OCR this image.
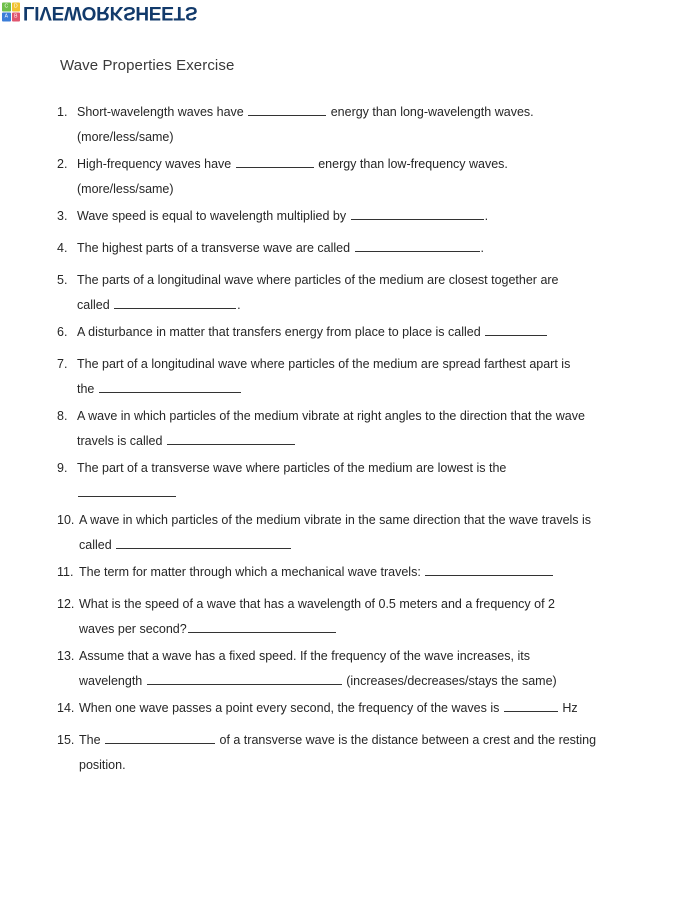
A	B
C	D LIVEWORKSHEETS
Wave Properties Exercise
1. Short-wavelength waves have	energy than long-wavelength waves.
(more/less/same)
2. High-frequency waves have	energy than low-frequency waves.
(more/less/same)
3. Wave speed is equal to wavelength multiplied by	.
4. The highest parts of a transverse wave are called	.
5. The parts of a longitudinal wave where particles of the medium are closest together are
called	.
6. A disturbance in matter that transfers energy from place to place is called
7. The part of a longitudinal wave where particles of the medium are spread farthest apart is
the
8. A wave in which particles of the medium vibrate at right angles to the direction that the wave
travels is called
9. The part of a transverse wave where particles of the medium are lowest is the
10. A wave in which particles of the medium vibrate in the same direction that the wave travels is
called
11. The term for matter through which a mechanical wave travels:
12. What is the speed of a wave that has a wavelength of 0.5 meters and a frequency of 2
waves per second?
13. Assume that a wave has a fixed speed. If the frequency of the wave increases, its
wavelength	(increases/decreases/stays the same)
14. When one wave passes a point every second, the frequency of the waves is	Hz
15. The	of a transverse wave is the distance between a crest and the resting
position.
